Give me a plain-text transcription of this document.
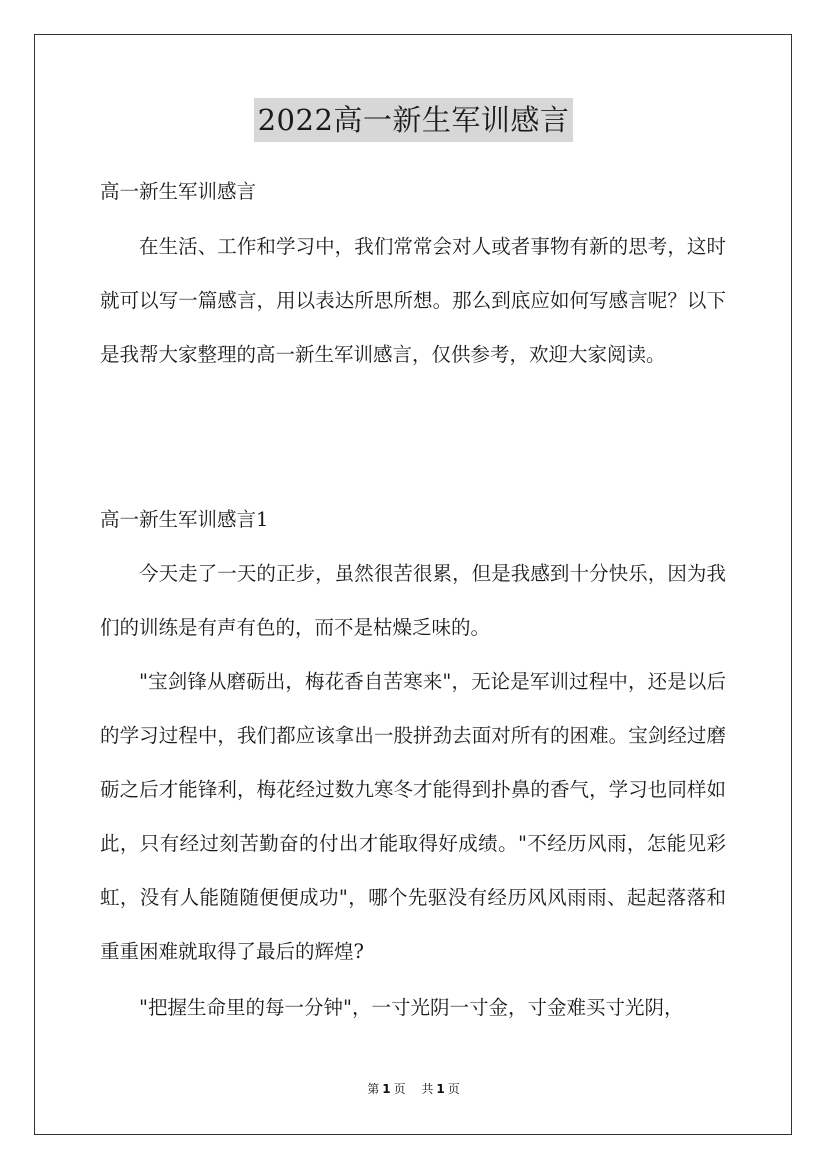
2022高一新生军训感言

高一新生军训感言

在生活、工作和学习中，我们常常会对人或者事物有新的思考，这时就可以写一篇感言，用以表达所思所想。那么到底应如何写感言呢？以下是我帮大家整理的高一新生军训感言，仅供参考，欢迎大家阅读。

高一新生军训感言1

今天走了一天的正步，虽然很苦很累，但是我感到十分快乐，因为我们的训练是有声有色的，而不是枯燥乏味的。

"宝剑锋从磨砺出，梅花香自苦寒来"，无论是军训过程中，还是以后的学习过程中，我们都应该拿出一股拼劲去面对所有的困难。宝剑经过磨砺之后才能锋利，梅花经过数九寒冬才能得到扑鼻的香气，学习也同样如此，只有经过刻苦勤奋的付出才能取得好成绩。"不经历风雨，怎能见彩虹，没有人能随随便便成功"，哪个先驱没有经历风风雨雨、起起落落和重重困难就取得了最后的辉煌?

"把握生命里的每一分钟"，一寸光阴一寸金，寸金难买寸光阴，

第 1 页 共 1 页
